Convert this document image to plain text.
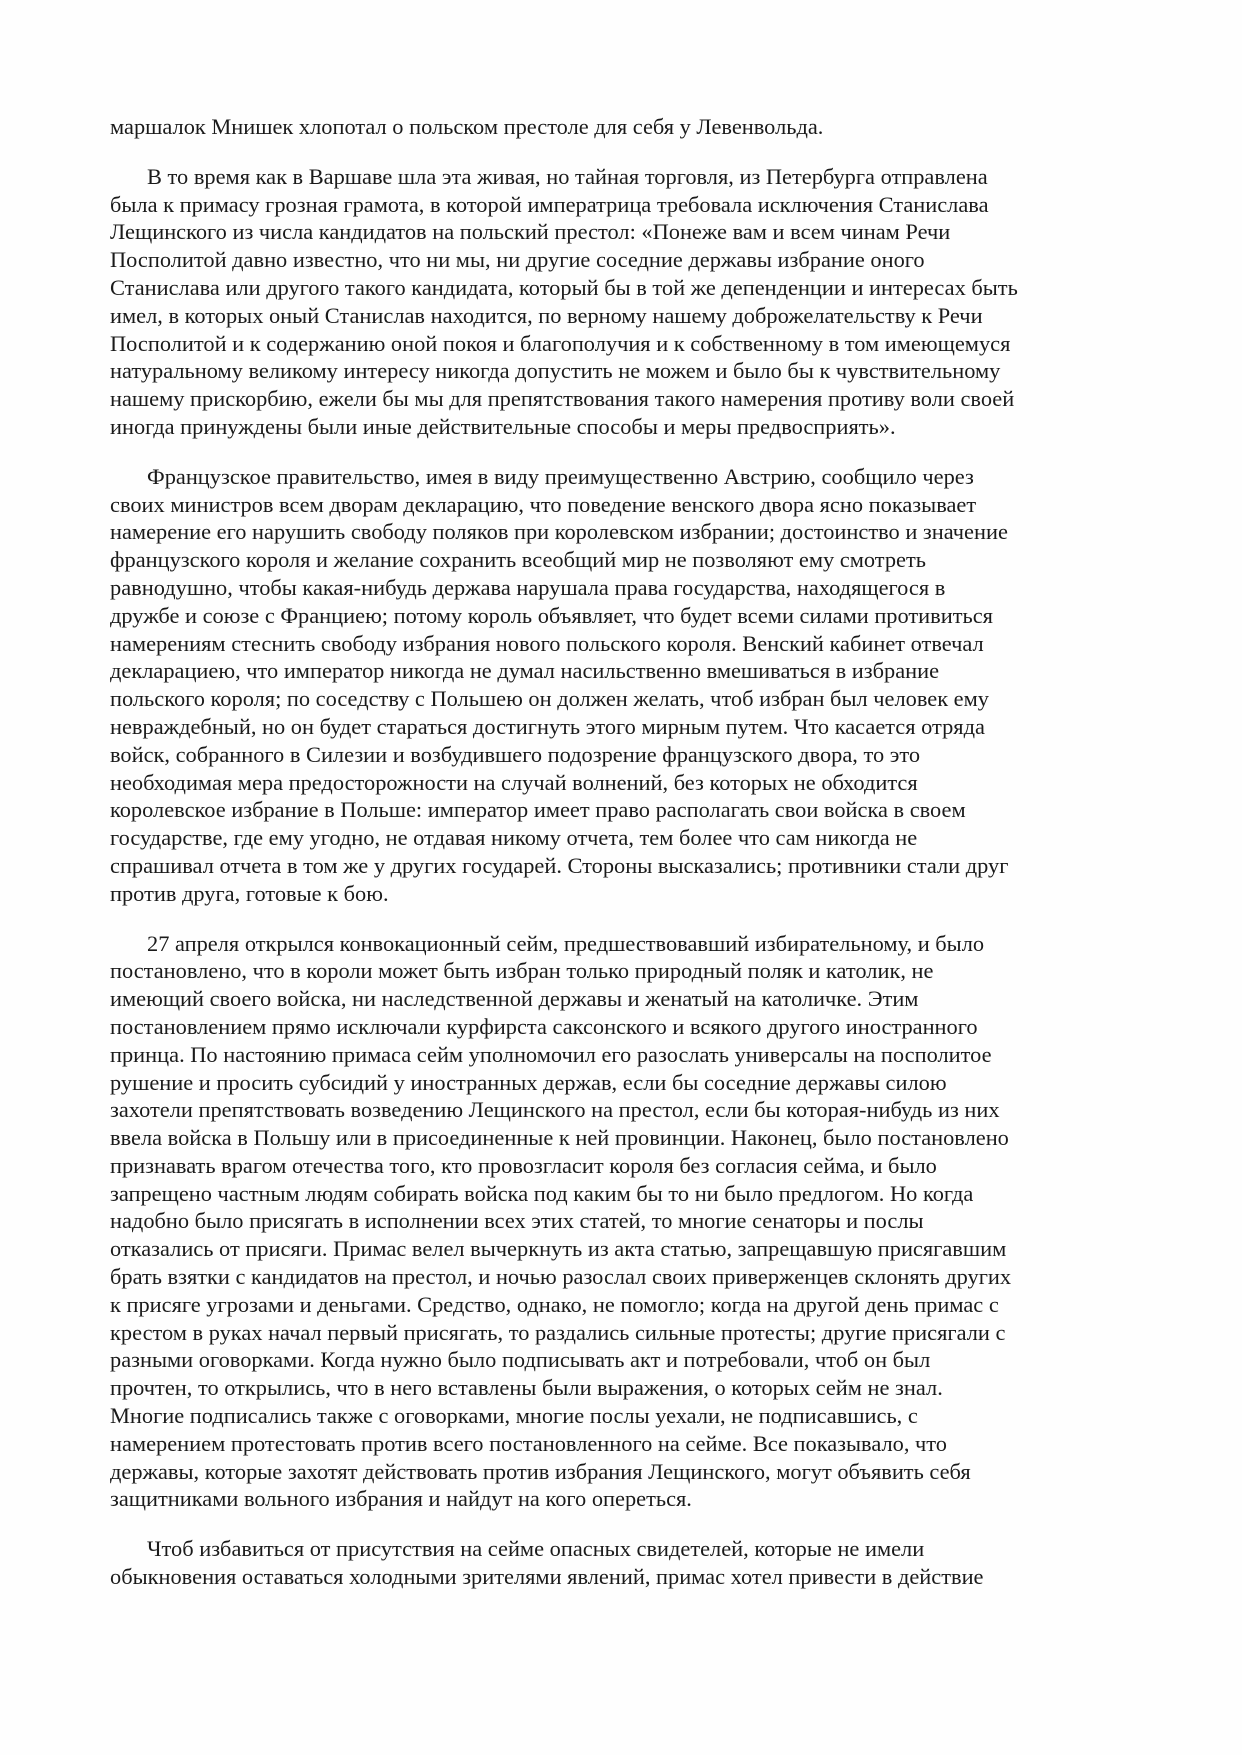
маршалок Мнишек хлопотал о польском престоле для себя у Левенвольда.
В то время как в Варшаве шла эта живая, но тайная торговля, из Петербурга отправлена
была к примасу грозная грамота, в которой императрица требовала исключения Станислава
Лещинского из числа кандидатов на польский престол: «Понеже вам и всем чинам Речи
Посполитой давно известно, что ни мы, ни другие соседние державы избрание оного
Станислава или другого такого кандидата, который бы в той же депенденции и интересах быть
имел, в которых оный Станислав находится, по верному нашему доброжелательству к Речи
Посполитой и к содержанию оной покоя и благополучия и к собственному в том имеющемуся
натуральному великому интересу никогда допустить не можем и было бы к чувствительному
нашему прискорбию, ежели бы мы для препятствования такого намерения противу воли своей
иногда принуждены были иные действительные способы и меры предвосприять».
Французское правительство, имея в виду преимущественно Австрию, сообщило через
своих министров всем дворам декларацию, что поведение венского двора ясно показывает
намерение его нарушить свободу поляков при королевском избрании; достоинство и значение
французского короля и желание сохранить всеобщий мир не позволяют ему смотреть
равнодушно, чтобы какая-нибудь держава нарушала права государства, находящегося в
дружбе и союзе с Франциею; потому король объявляет, что будет всеми силами противиться
намерениям стеснить свободу избрания нового польского короля. Венский кабинет отвечал
декларациею, что император никогда не думал насильственно вмешиваться в избрание
польского короля; по соседству с Польшею он должен желать, чтоб избран был человек ему
невраждебный, но он будет стараться достигнуть этого мирным путем. Что касается отряда
войск, собранного в Силезии и возбудившего подозрение французского двора, то это
необходимая мера предосторожности на случай волнений, без которых не обходится
королевское избрание в Польше: император имеет право располагать свои войска в своем
государстве, где ему угодно, не отдавая никому отчета, тем более что сам никогда не
спрашивал отчета в том же у других государей. Стороны высказались; противники стали друг
против друга, готовые к бою.
27 апреля открылся конвокационный сейм, предшествовавший избирательному, и было
постановлено, что в короли может быть избран только природный поляк и католик, не
имеющий своего войска, ни наследственной державы и женатый на католичке. Этим
постановлением прямо исключали курфирста саксонского и всякого другого иностранного
принца. По настоянию примаса сейм уполномочил его разослать универсалы на посполитое
рушение и просить субсидий у иностранных держав, если бы соседние державы силою
захотели препятствовать возведению Лещинского на престол, если бы которая-нибудь из них
ввела войска в Польшу или в присоединенные к ней провинции. Наконец, было постановлено
признавать врагом отечества того, кто провозгласит короля без согласия сейма, и было
запрещено частным людям собирать войска под каким бы то ни было предлогом. Но когда
надобно было присягать в исполнении всех этих статей, то многие сенаторы и послы
отказались от присяги. Примас велел вычеркнуть из акта статью, запрещавшую присягавшим
брать взятки с кандидатов на престол, и ночью разослал своих приверженцев склонять других
к присяге угрозами и деньгами. Средство, однако, не помогло; когда на другой день примас с
крестом в руках начал первый присягать, то раздались сильные протесты; другие присягали с
разными оговорками. Когда нужно было подписывать акт и потребовали, чтоб он был
прочтен, то открылись, что в него вставлены были выражения, о которых сейм не знал.
Многие подписались также с оговорками, многие послы уехали, не подписавшись, с
намерением протестовать против всего постановленного на сейме. Все показывало, что
державы, которые захотят действовать против избрания Лещинского, могут объявить себя
защитниками вольного избрания и найдут на кого опереться.
Чтоб избавиться от присутствия на сейме опасных свидетелей, которые не имели
обыкновения оставаться холодными зрителями явлений, примас хотел привести в действие
